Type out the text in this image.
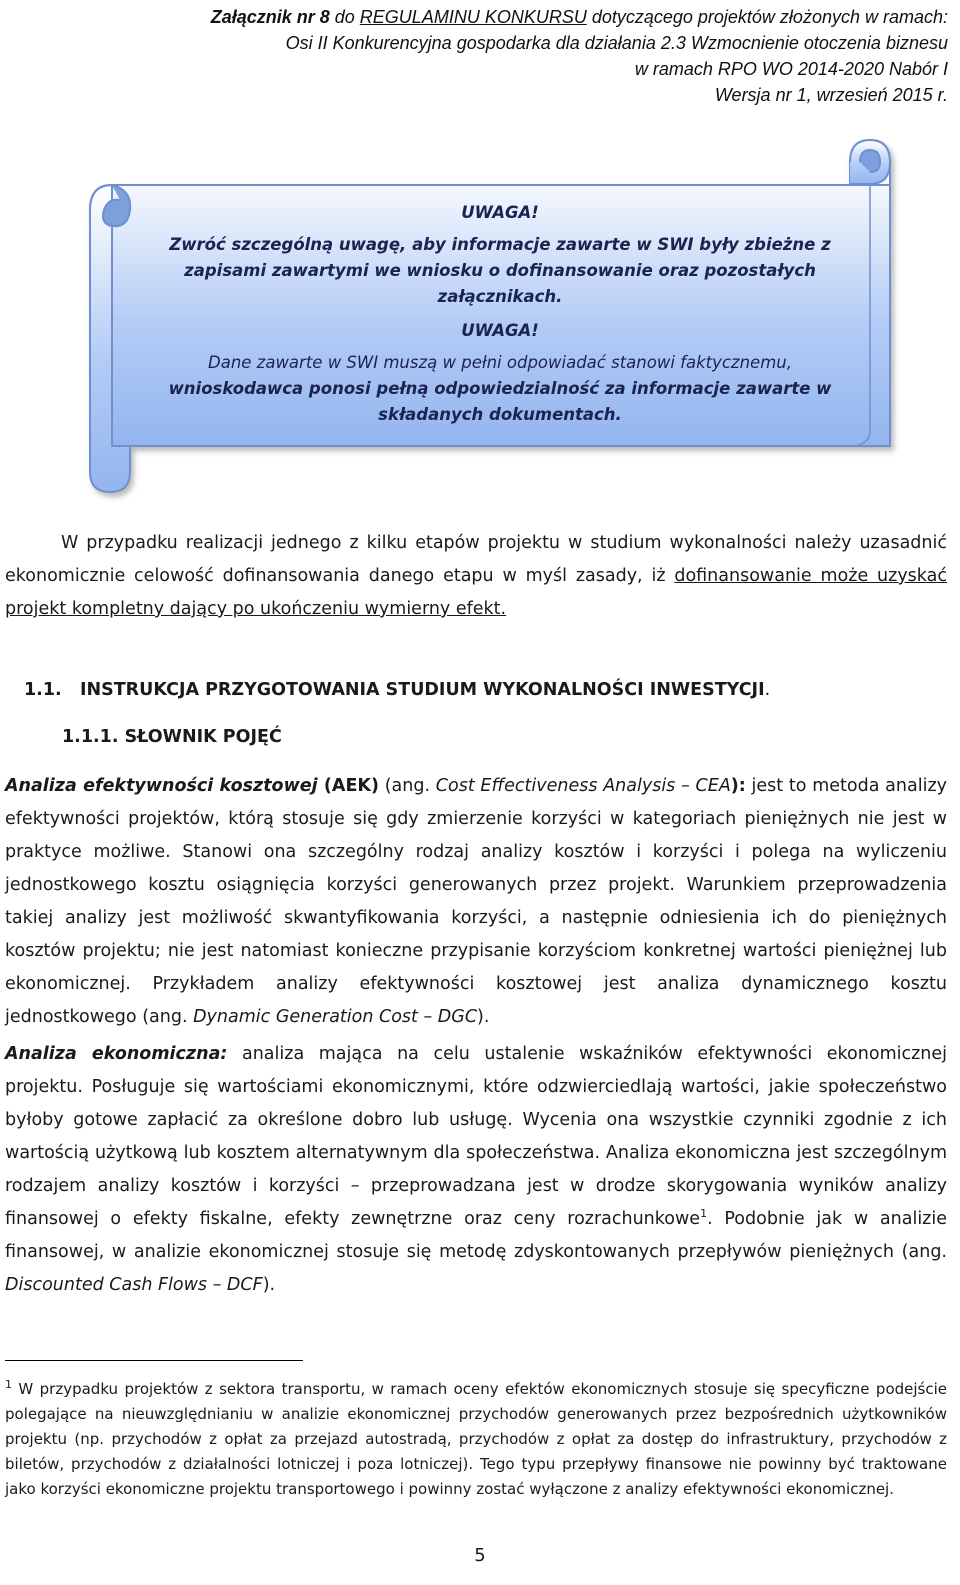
Załącznik nr 8 do REGULAMINU KONKURSU dotyczącego projektów złożonych w ramach:
Osi II Konkurencyjna gospodarka dla działania 2.3 Wzmocnienie otoczenia biznesu
w ramach RPO WO 2014-2020 Nabór I
Wersja nr 1, wrzesień 2015 r.

UWAGA!

Zwróć szczególną uwagę, aby informacje zawarte w SWI były zbieżne z zapisami zawartymi we wniosku o dofinansowanie oraz pozostałych załącznikach.

UWAGA!

Dane zawarte w SWI muszą w pełni odpowiadać stanowi faktycznemu,
wnioskodawca ponosi pełną odpowiedzialność za informacje zawarte w składanych dokumentach.

W przypadku realizacji jednego z kilku etapów projektu w studium wykonalności należy uzasadnić ekonomicznie celowość dofinansowania danego etapu w myśl zasady, iż dofinansowanie może uzyskać projekt kompletny dający po ukończeniu wymierny efekt.

1.1. INSTRUKCJA PRZYGOTOWANIA STUDIUM WYKONALNOŚCI INWESTYCJI.
1.1.1. SŁOWNIK POJĘĆ

Analiza efektywności kosztowej (AEK) (ang. Cost Effectiveness Analysis – CEA): jest to metoda analizy efektywności projektów, którą stosuje się gdy zmierzenie korzyści w kategoriach pieniężnych nie jest w praktyce możliwe. Stanowi ona szczególny rodzaj analizy kosztów i korzyści i polega na wyliczeniu jednostkowego kosztu osiągnięcia korzyści generowanych przez projekt. Warunkiem przeprowadzenia takiej analizy jest możliwość skwantyfikowania korzyści, a następnie odniesienia ich do pieniężnych kosztów projektu; nie jest natomiast konieczne przypisanie korzyściom konkretnej wartości pieniężnej lub ekonomicznej. Przykładem analizy efektywności kosztowej jest analiza dynamicznego kosztu jednostkowego (ang. Dynamic Generation Cost – DGC).

Analiza ekonomiczna: analiza mająca na celu ustalenie wskaźników efektywności ekonomicznej projektu. Posługuje się wartościami ekonomicznymi, które odzwierciedlają wartości, jakie społeczeństwo byłoby gotowe zapłacić za określone dobro lub usługę. Wycenia ona wszystkie czynniki zgodnie z ich wartością użytkową lub kosztem alternatywnym dla społeczeństwa. Analiza ekonomiczna jest szczególnym rodzajem analizy kosztów i korzyści – przeprowadzana jest w drodze skorygowania wyników analizy finansowej o efekty fiskalne, efekty zewnętrzne oraz ceny rozrachunkowe$^1$. Podobnie jak w analizie finansowej, w analizie ekonomicznej stosuje się metodę zdyskontowanych przepływów pieniężnych (ang. Discounted Cash Flows – DCF).

$^1$ W przypadku projektów z sektora transportu, w ramach oceny efektów ekonomicznych stosuje się specyficzne podejście polegające na nieuwzględnianiu w analizie ekonomicznej przychodów generowanych przez bezpośrednich użytkowników projektu (np. przychodów z opłat za przejazd autostradą, przychodów z opłat za dostęp do infrastruktury, przychodów z biletów, przychodów z działalności lotniczej i poza lotniczej). Tego typu przepływy finansowe nie powinny być traktowane jako korzyści ekonomiczne projektu transportowego i powinny zostać wyłączone z analizy efektywności ekonomicznej.
5
